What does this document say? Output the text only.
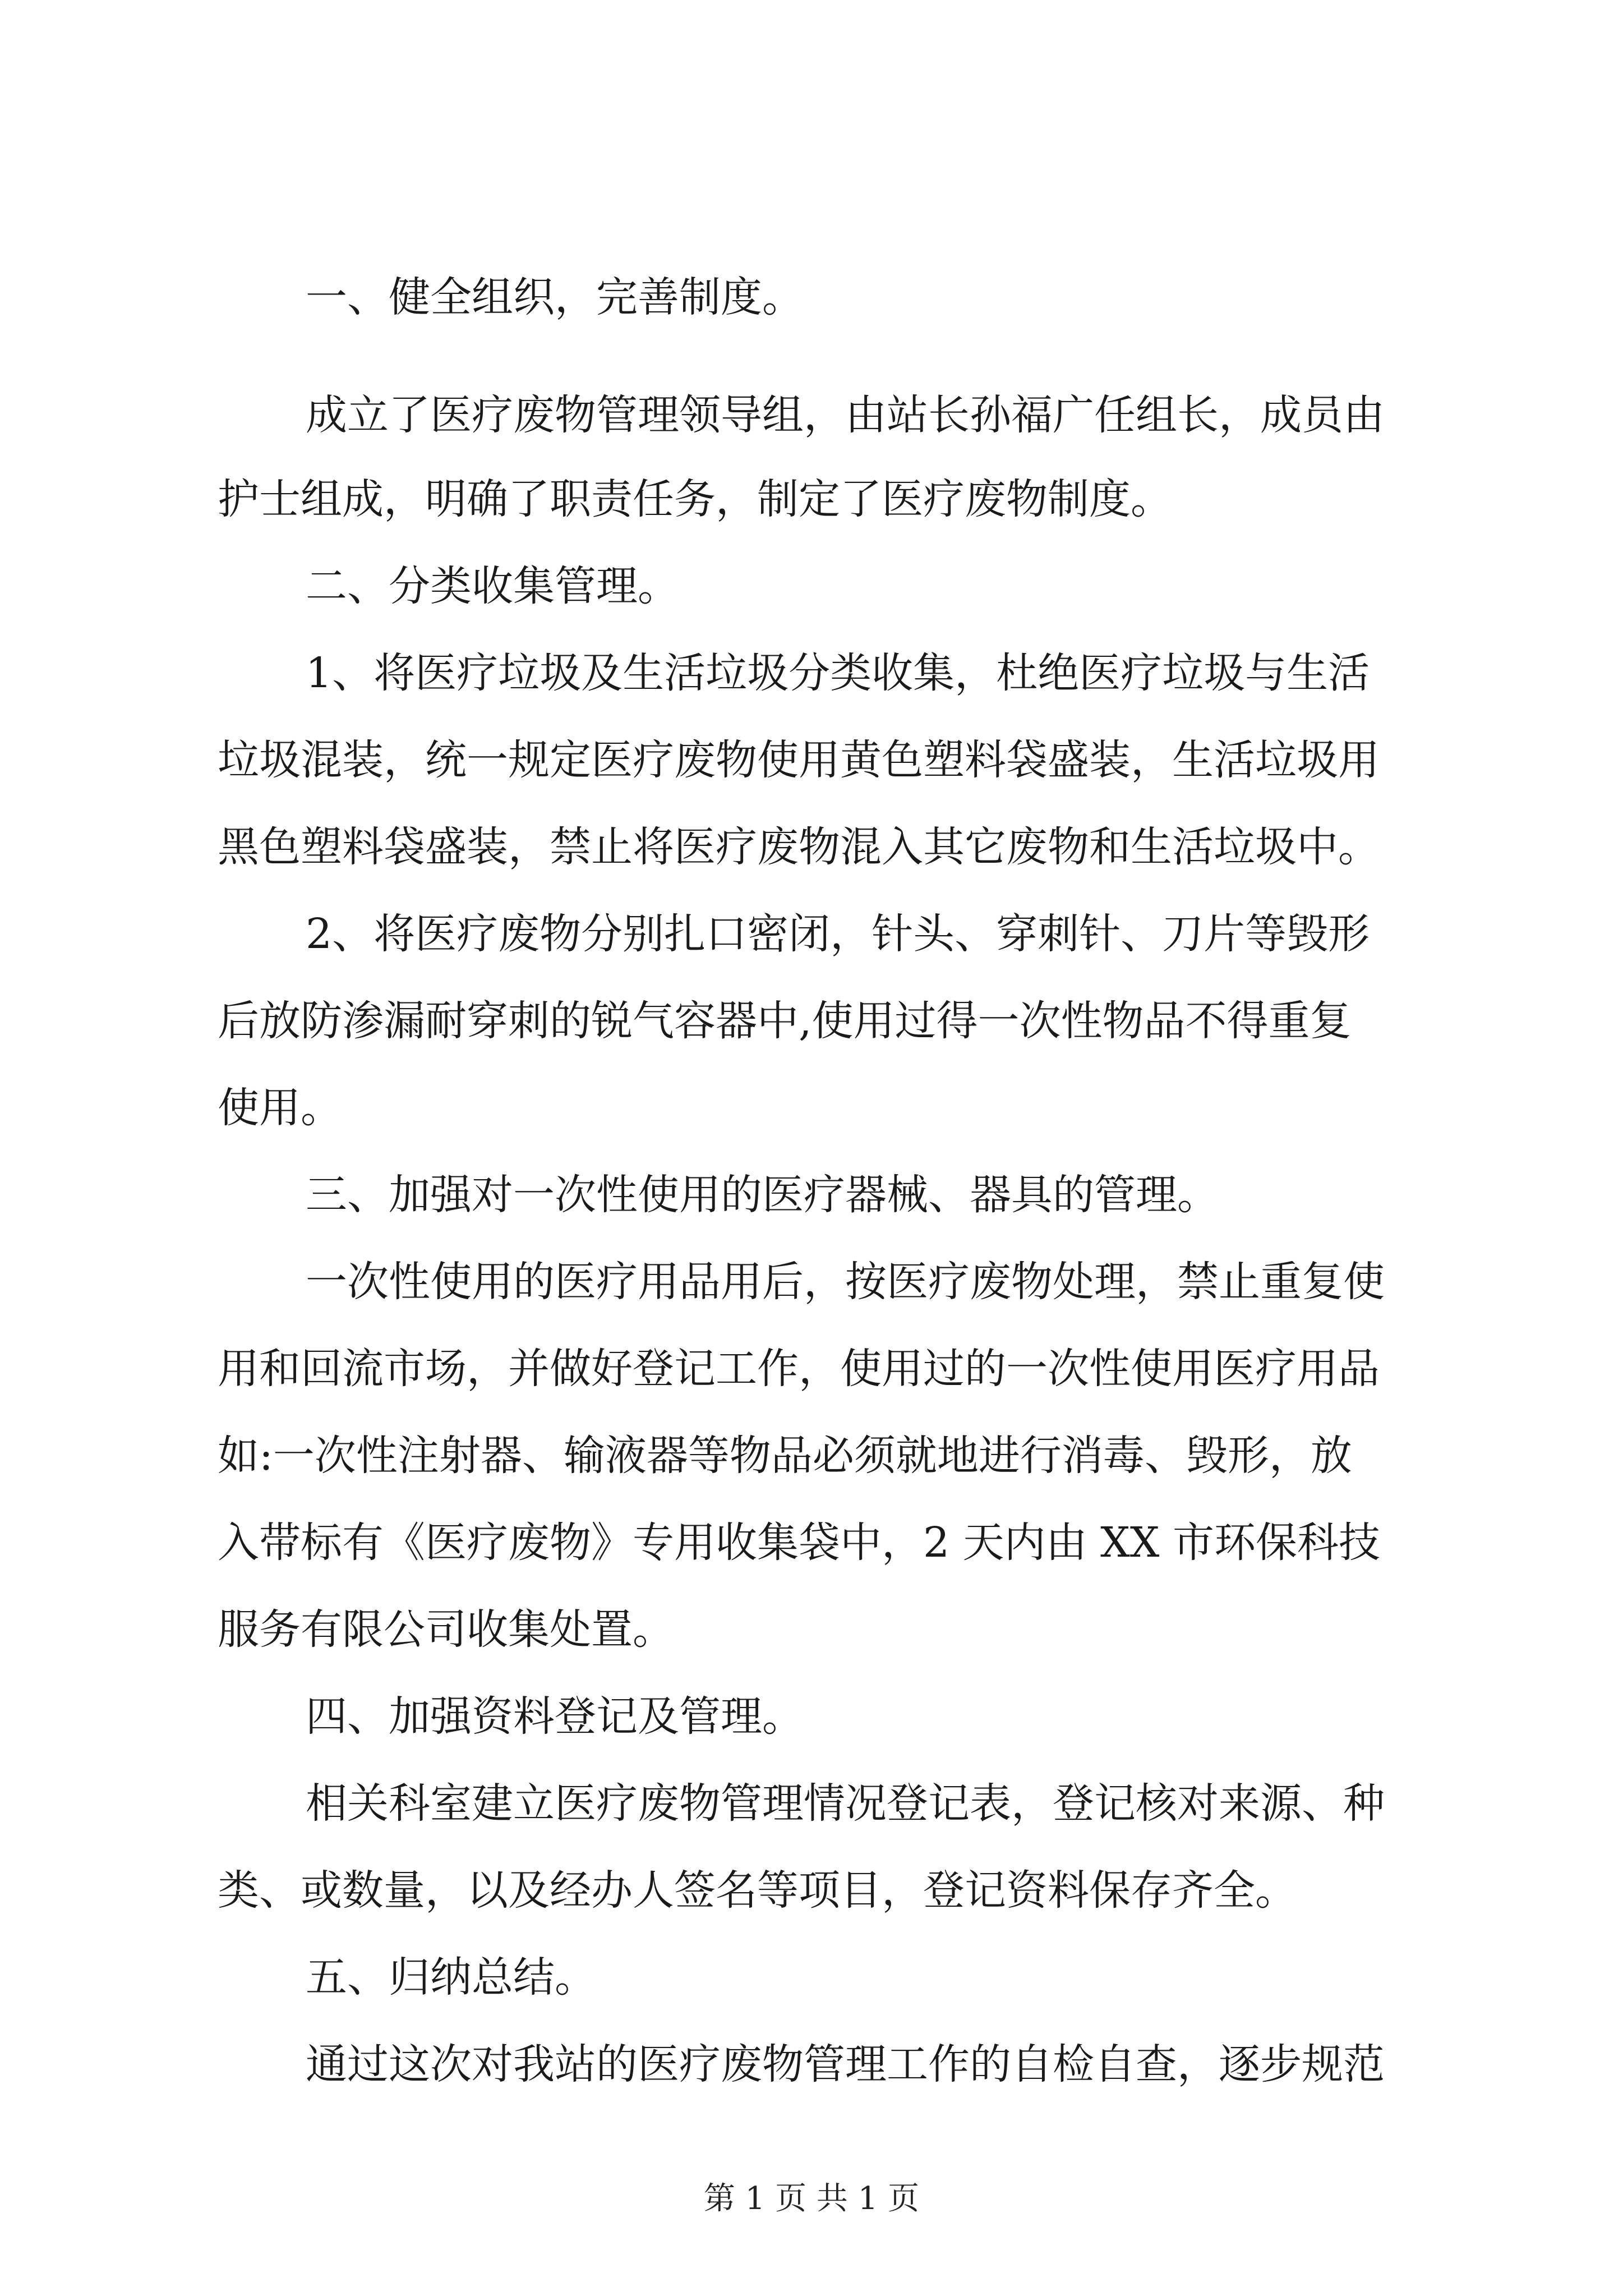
一、健全组织，完善制度。
成立了医疗废物管理领导组，由站长孙福广任组长，成员由
护士组成，明确了职责任务，制定了医疗废物制度。
二、分类收集管理。
1、将医疗垃圾及生活垃圾分类收集，杜绝医疗垃圾与生活
垃圾混装，统一规定医疗废物使用黄色塑料袋盛装，生活垃圾用
黑色塑料袋盛装，禁止将医疗废物混入其它废物和生活垃圾中。
2、将医疗废物分别扎口密闭，针头、穿刺针、刀片等毁形
后放防渗漏耐穿刺的锐气容器中,使用过得一次性物品不得重复
使用。
三、加强对一次性使用的医疗器械、器具的管理。
一次性使用的医疗用品用后，按医疗废物处理，禁止重复使
用和回流市场，并做好登记工作，使用过的一次性使用医疗用品
如:一次性注射器、输液器等物品必须就地进行消毒、毁形，放
入带标有《医疗废物》专用收集袋中，2 天内由 XX 市环保科技
服务有限公司收集处置。
四、加强资料登记及管理。
相关科室建立医疗废物管理情况登记表，登记核对来源、种
类、或数量，以及经办人签名等项目，登记资料保存齐全。
五、归纳总结。
通过这次对我站的医疗废物管理工作的自检自查，逐步规范
第 1 页 共 1 页
